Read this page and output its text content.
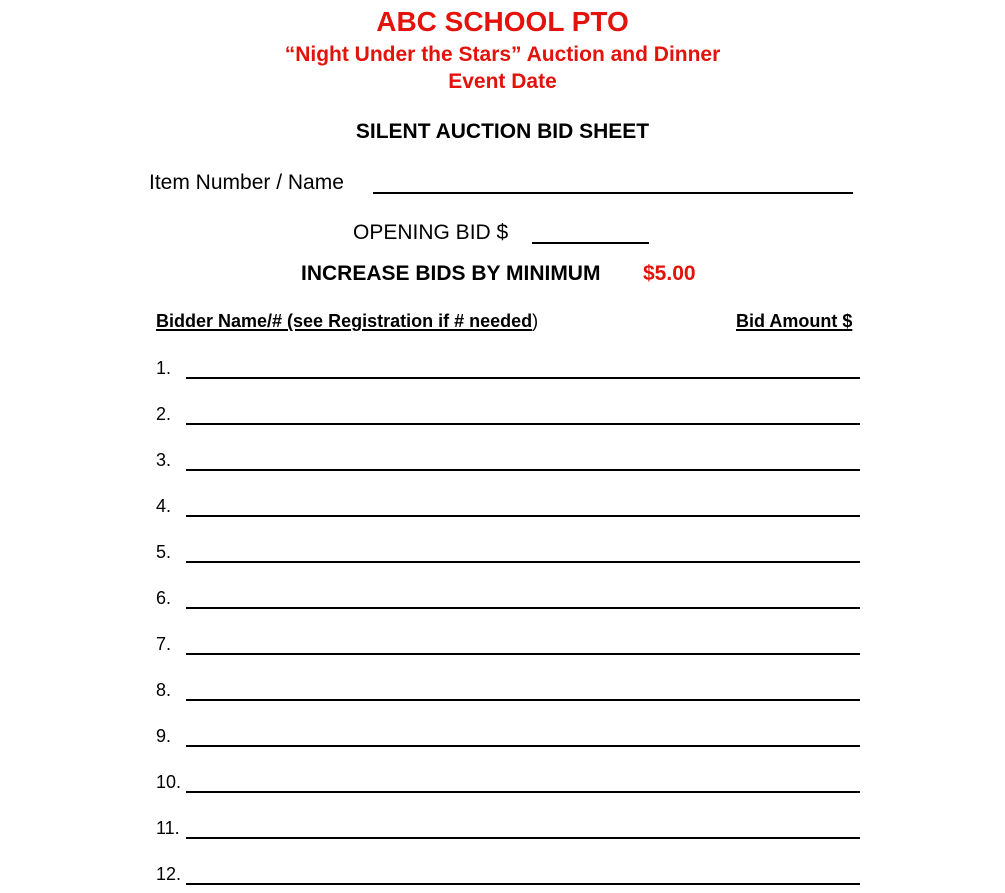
ABC SCHOOL PTO
“Night Under the Stars” Auction and Dinner
Event Date
SILENT AUCTION BID SHEET
Item Number / Name
OPENING BID $
INCREASE BIDS BY MINIMUM $5.00
Bidder Name/# (see Registration if # needed)	Bid Amount $
1.
2.
3.
4.
5.
6.
7.
8.
9.
10.
11.
12.
